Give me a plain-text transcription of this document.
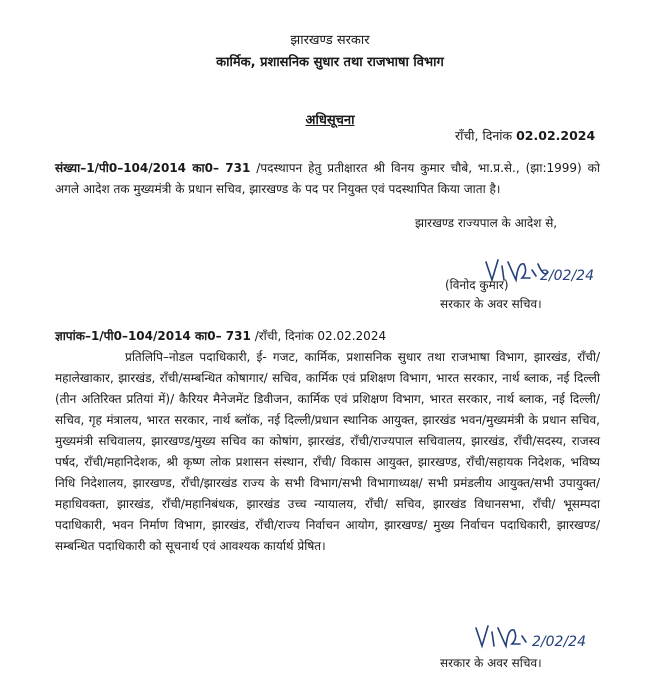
झारखण्ड सरकार
कार्मिक, प्रशासनिक सुधार तथा राजभाषा विभाग
अधिसूचना
राँची, दिनांक 02.02.2024
संख्या–1/पी0–104/2014 का0– 731 /पदस्थापन हेतु प्रतीक्षारत श्री विनय कुमार चौबे, भा.प्र.से., (झा:1999) को अगले आदेश तक मुख्यमंत्री के प्रधान सचिव, झारखण्ड के पद पर नियुक्त एवं पदस्थापित किया जाता है।
झारखण्ड राज्यपाल के आदेश से,
2/02/24
(विनोद कुमार)
सरकार के अवर सचिव।
ज्ञापांक–1/पी0–104/2014 का0– 731 /राँची, दिनांक 02.02.2024
प्रतिलिपि–नोडल पदाधिकारी, ई- गजट, कार्मिक, प्रशासनिक सुधार तथा राजभाषा विभाग, झारखंड, राँची/महालेखाकार, झारखंड, राँची/सम्बन्धित कोषागार/ सचिव, कार्मिक एवं प्रशिक्षण विभाग, भारत सरकार, नार्थ ब्लाक, नई दिल्ली (तीन अतिरिक्त प्रतियां में)/ कैरियर मैनेजमेंट डिवीजन, कार्मिक एवं प्रशिक्षण विभाग, भारत सरकार, नार्थ ब्लाक, नई दिल्ली/सचिव, गृह मंत्रालय, भारत सरकार, नार्थ ब्लॉक, नई दिल्ली/प्रधान स्थानिक आयुक्त, झारखंड भवन/मुख्यमंत्री के प्रधान सचिव, मुख्यमंत्री सचिवालय, झारखण्ड/मुख्य सचिव का कोषांग, झारखंड, राँची/राज्यपाल सचिवालय, झारखंड, राँची/सदस्य, राजस्व पर्षद, राँची/महानिदेशक, श्री कृष्ण लोक प्रशासन संस्थान, राँची/ विकास आयुक्त, झारखण्ड, राँची/सहायक निदेशक, भविष्य निधि निदेशालय, झारखण्ड, राँची/झारखंड राज्य के सभी विभाग/सभी विभागाध्यक्ष/ सभी प्रमंडलीय आयुक्त/सभी उपायुक्त/ महाधिवक्ता, झारखंड, राँची/महानिबंधक, झारखंड उच्च न्यायालय, राँची/ सचिव, झारखंड विधानसभा, राँची/ भूसम्पदा पदाधिकारी, भवन निर्माण विभाग, झारखंड, राँची/राज्य निर्वाचन आयोग, झारखण्ड/ मुख्य निर्वाचन पदाधिकारी, झारखण्ड/सम्बन्धित पदाधिकारी को सूचनार्थ एवं आवश्यक कार्यार्थ प्रेषित।
2/02/24
सरकार के अवर सचिव।
